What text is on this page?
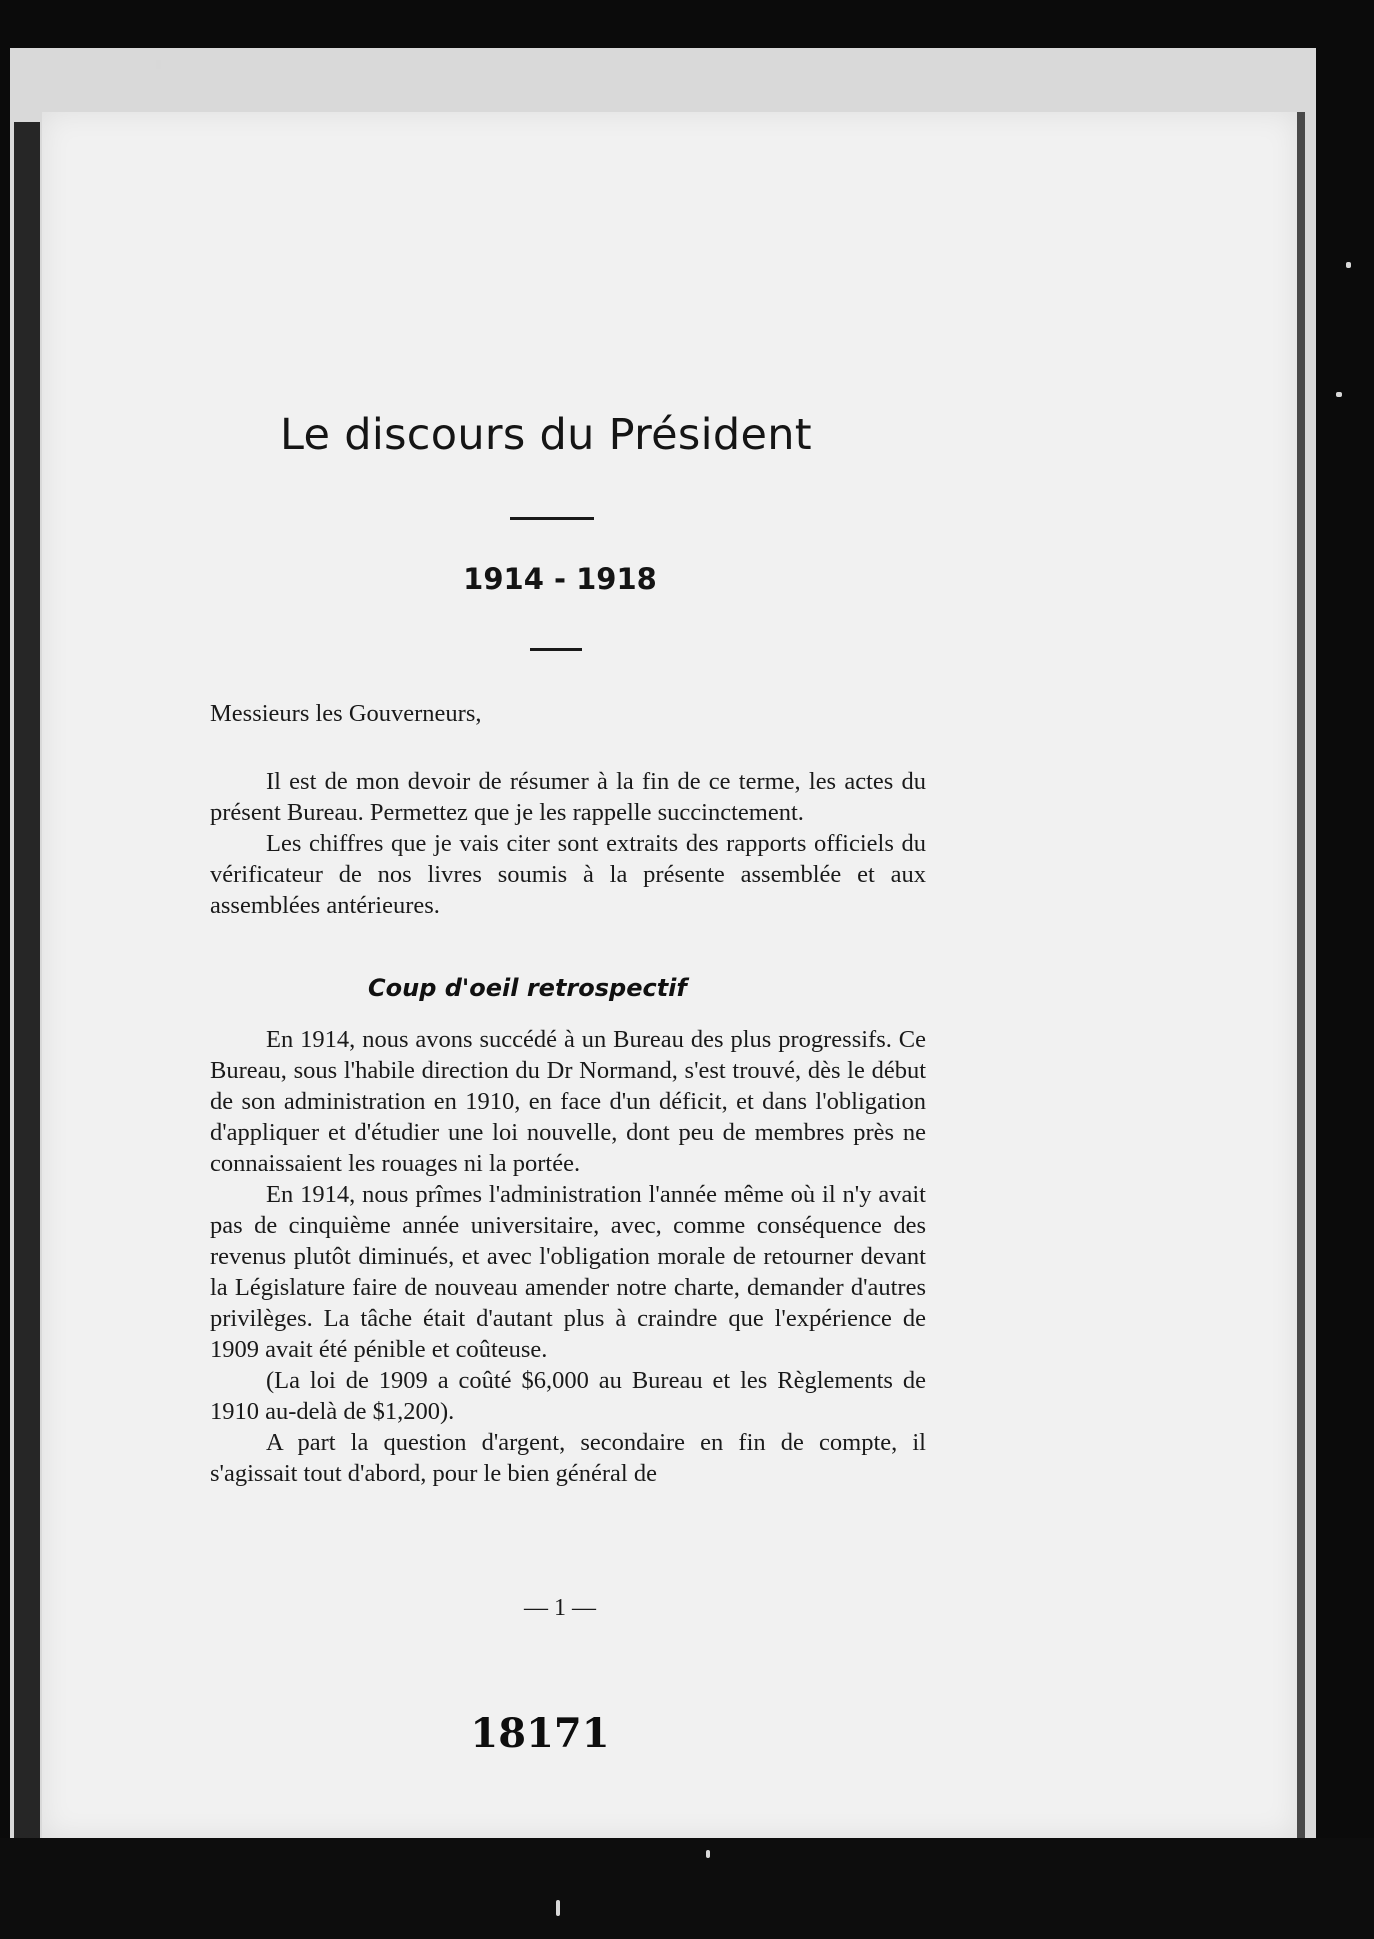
Le discours du Président
1914 - 1918
Messieurs les Gouverneurs,

Il est de mon devoir de résumer à la fin de ce terme, les actes du présent Bureau. Permettez que je les rappelle succinctement.

Les chiffres que je vais citer sont extraits des rapports officiels du vérificateur de nos livres soumis à la présente assemblée et aux assemblées antérieures.

Coup d'oeil retrospectif

En 1914, nous avons succédé à un Bureau des plus progressifs. Ce Bureau, sous l'habile direction du Dr Normand, s'est trouvé, dès le début de son administration en 1910, en face d'un déficit, et dans l'obligation d'appliquer et d'étudier une loi nouvelle, dont peu de membres près ne connaissaient les rouages ni la portée.

En 1914, nous prîmes l'administration l'année même où il n'y avait pas de cinquième année universitaire, avec, comme conséquence des revenus plutôt diminués, et avec l'obligation morale de retourner devant la Législature faire de nouveau amender notre charte, demander d'autres privilèges. La tâche était d'autant plus à craindre que l'expérience de 1909 avait été pénible et coûteuse.

(La loi de 1909 a coûté $6,000 au Bureau et les Règlements de 1910 au-delà de $1,200).

A part la question d'argent, secondaire en fin de compte, il s'agissait tout d'abord, pour le bien général de

— 1 —
18171
